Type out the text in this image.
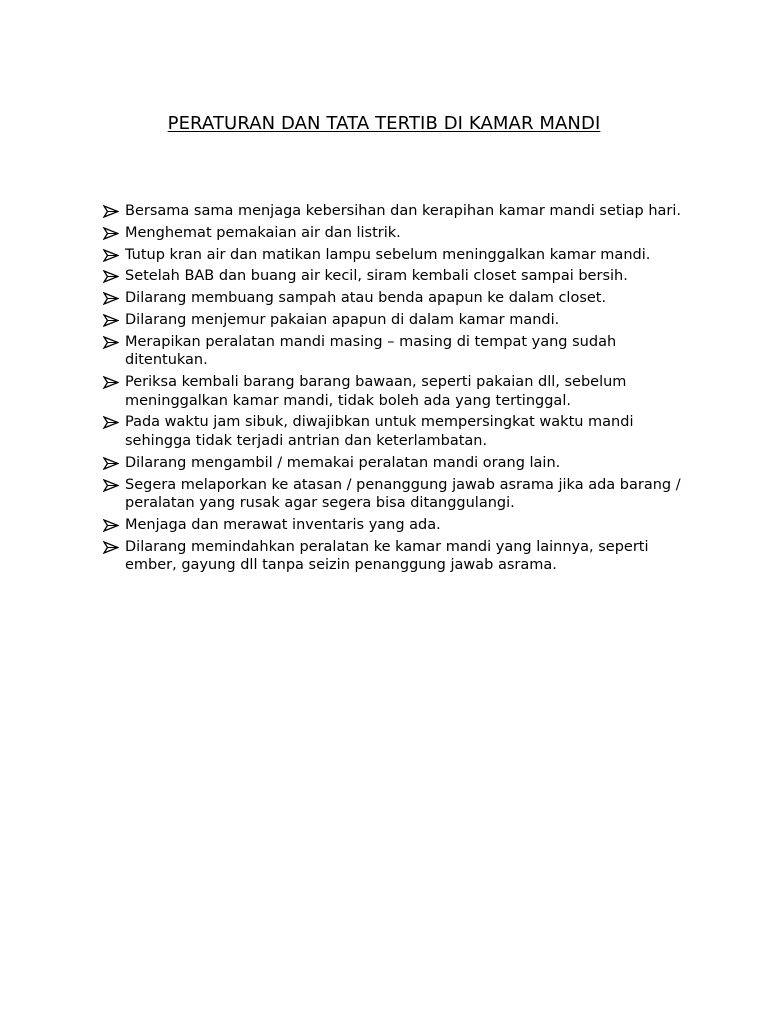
PERATURAN DAN TATA TERTIB DI KAMAR MANDI
Bersama sama menjaga kebersihan dan kerapihan kamar mandi setiap hari.
Menghemat pemakaian air dan listrik.
Tutup kran air dan matikan lampu sebelum meninggalkan kamar mandi.
Setelah BAB dan buang air kecil, siram kembali closet sampai bersih.
Dilarang membuang sampah atau benda apapun ke dalam closet.
Dilarang menjemur pakaian apapun di dalam kamar mandi.
Merapikan peralatan mandi masing – masing di tempat yang sudah ditentukan.
Periksa kembali barang barang bawaan, seperti pakaian dll, sebelum meninggalkan kamar mandi, tidak boleh ada yang tertinggal.
Pada waktu jam sibuk, diwajibkan untuk mempersingkat waktu mandi sehingga tidak terjadi antrian dan keterlambatan.
Dilarang mengambil / memakai peralatan mandi orang lain.
Segera melaporkan ke atasan / penanggung jawab asrama jika ada barang / peralatan yang rusak agar segera bisa ditanggulangi.
Menjaga dan merawat inventaris yang ada.
Dilarang memindahkan peralatan ke kamar mandi yang lainnya, seperti ember, gayung dll tanpa seizin penanggung jawab asrama.
